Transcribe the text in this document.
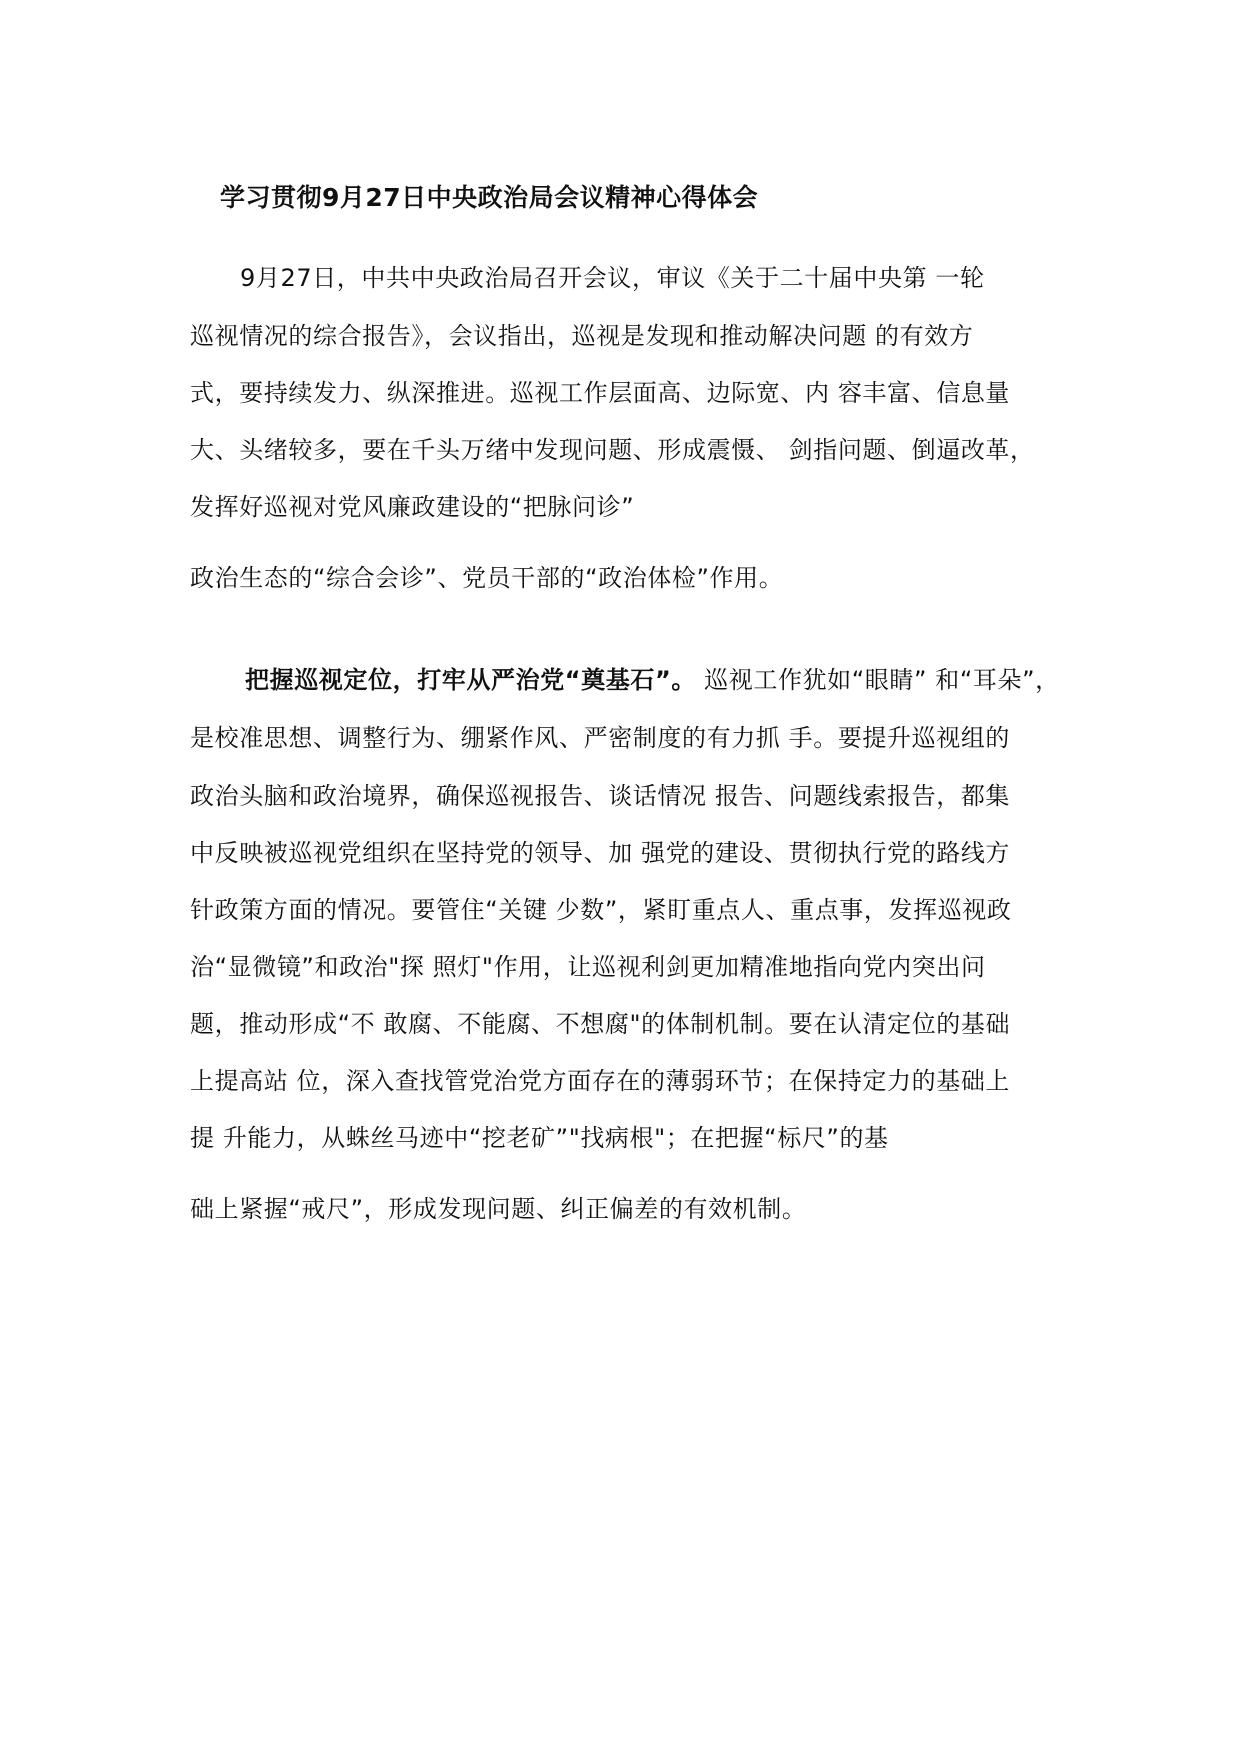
学习贯彻9月27日中央政治局会议精神心得体会
9月27日，中共中央政治局召开会议，审议《关于二十届中央第 一轮
巡视情况的综合报告》，会议指出，巡视是发现和推动解决问题 的有效方
式，要持续发力、纵深推进。巡视工作层面高、边际宽、内 容丰富、信息量
大、头绪较多，要在千头万绪中发现问题、形成震慑、 剑指问题、倒逼改革，
发挥好巡视对党风廉政建设的“把脉问诊”
政治生态的“综合会诊”、党员干部的“政治体检”作用。
把握巡视定位，打牢从严治党“奠基石”。 巡视工作犹如“眼睛” 和“耳朵”，
是校准思想、调整行为、绷紧作风、严密制度的有力抓 手。要提升巡视组的
政治头脑和政治境界，确保巡视报告、谈话情况 报告、问题线索报告，都集
中反映被巡视党组织在坚持党的领导、加 强党的建设、贯彻执行党的路线方
针政策方面的情况。要管住“关键 少数”，紧盯重点人、重点事，发挥巡视政
治“显微镜”和政治"探 照灯"作用，让巡视利剑更加精准地指向党内突出问
题，推动形成“不 敢腐、不能腐、不想腐"的体制机制。要在认清定位的基础
上提高站 位，深入查找管党治党方面存在的薄弱环节；在保持定力的基础上
提 升能力，从蛛丝马迹中“挖老矿”"找病根"；在把握“标尺”的基
础上紧握“戒尺”，形成发现问题、纠正偏差的有效机制。
